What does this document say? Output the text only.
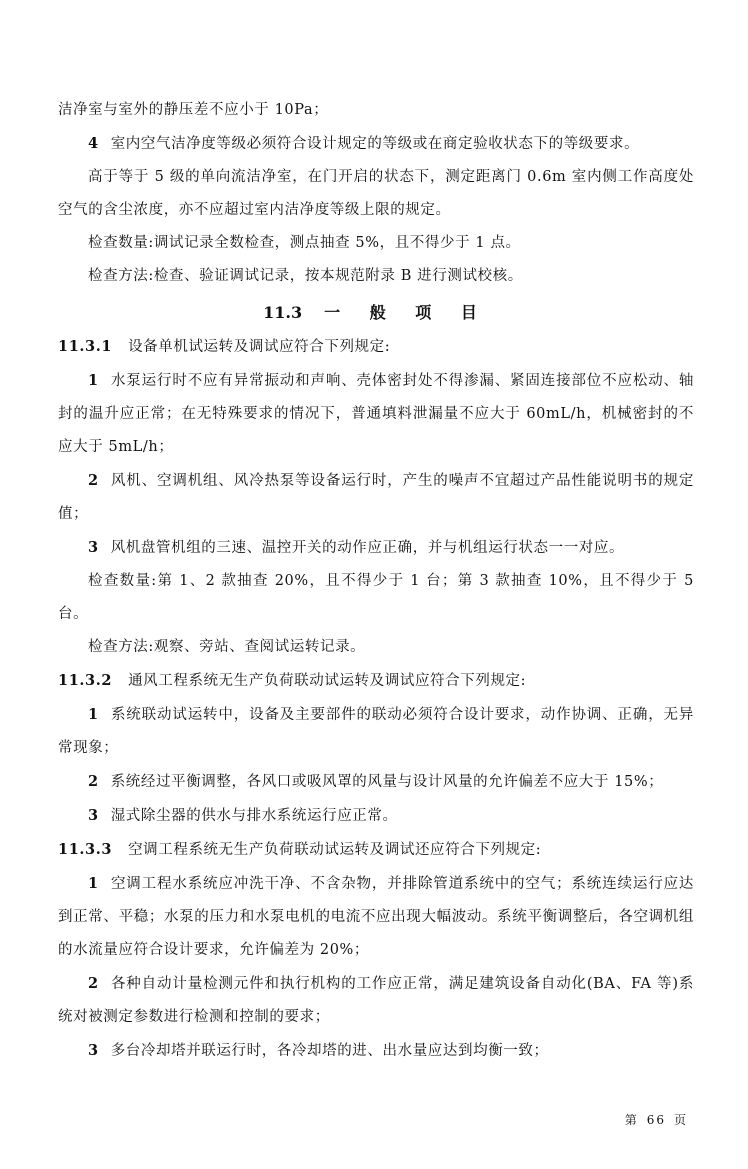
洁净室与室外的静压差不应小于 10Pa；

4 室内空气洁净度等级必须符合设计规定的等级或在商定验收状态下的等级要求。

高于等于 5 级的单向流洁净室，在门开启的状态下，测定距离门 0.6m 室内侧工作高度处空气的含尘浓度，亦不应超过室内洁净度等级上限的规定。

检查数量:调试记录全数检查，测点抽查 5%，且不得少于 1 点。

检查方法:检查、验证调试记录，按本规范附录 B 进行测试校核。

11.3 一 般 项 目

11.3.1 设备单机试运转及调试应符合下列规定:

1 水泵运行时不应有异常振动和声响、壳体密封处不得渗漏、紧固连接部位不应松动、轴封的温升应正常；在无特殊要求的情况下，普通填料泄漏量不应大于 60mL/h，机械密封的不应大于 5mL/h；

2 风机、空调机组、风冷热泵等设备运行时，产生的噪声不宜超过产品性能说明书的规定值；

3 风机盘管机组的三速、温控开关的动作应正确，并与机组运行状态一一对应。

检查数量:第 1、2 款抽查 20%，且不得少于 1 台；第 3 款抽查 10%，且不得少于 5 台。

检查方法:观察、旁站、查阅试运转记录。

11.3.2 通风工程系统无生产负荷联动试运转及调试应符合下列规定:

1 系统联动试运转中，设备及主要部件的联动必须符合设计要求，动作协调、正确，无异常现象；

2 系统经过平衡调整，各风口或吸风罩的风量与设计风量的允许偏差不应大于 15%；

3 湿式除尘器的供水与排水系统运行应正常。

11.3.3 空调工程系统无生产负荷联动试运转及调试还应符合下列规定:

1 空调工程水系统应冲洗干净、不含杂物，并排除管道系统中的空气；系统连续运行应达到正常、平稳；水泵的压力和水泵电机的电流不应出现大幅波动。系统平衡调整后，各空调机组的水流量应符合设计要求，允许偏差为 20%；

2 各种自动计量检测元件和执行机构的工作应正常，满足建筑设备自动化(BA、FA 等)系统对被测定参数进行检测和控制的要求；

3 多台冷却塔并联运行时，各冷却塔的进、出水量应达到均衡一致；

第 66 页
